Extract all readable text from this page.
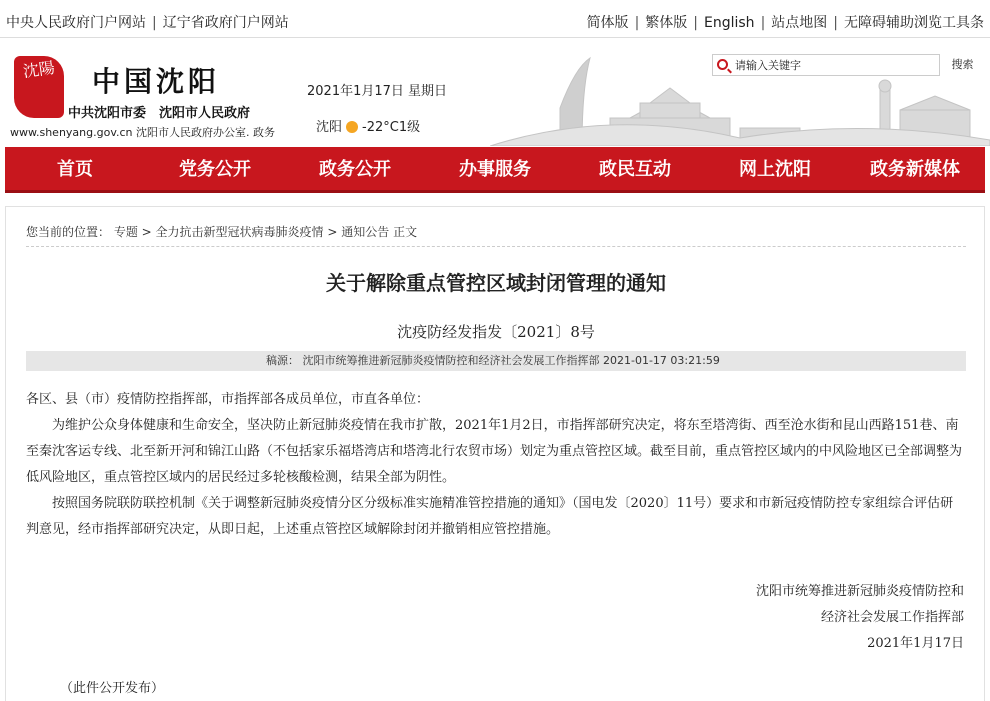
中央人民政府门户网站 | 辽宁省政府门户网站	简体版 | 繁体版 | English | 站点地图 | 无障碍辅助浏览工具条
沈陽	中国沈阳
中共沈阳市委　沈阳市人民政府
www.shenyang.gov.cn 沈阳市人民政府办公室. 政务
2021年1月17日 星期日
沈阳 -22°C1级
请输入关键字
搜索
首页	党务公开	政务公开	办事服务	政民互动	网上沈阳	政务新媒体
您当前的位置： 专题 > 全力抗击新型冠状病毒肺炎疫情 > 通知公告 正文
关于解除重点管控区域封闭管理的通知
沈疫防经发指发〔2021〕8号
稿源： 沈阳市统筹推进新冠肺炎疫情防控和经济社会发展工作指挥部 2021-01-17 03:21:59

各区、县（市）疫情防控指挥部，市指挥部各成员单位，市直各单位：

为维护公众身体健康和生命安全，坚决防止新冠肺炎疫情在我市扩散，2021年1月2日，市指挥部研究决定，将东至塔湾街、西至沧水街和昆山西路151巷、南至秦沈客运专线、北至新开河和锦江山路（不包括家乐福塔湾店和塔湾北行农贸市场）划定为重点管控区域。截至目前，重点管控区域内的中风险地区已全部调整为低风险地区，重点管控区域内的居民经过多轮核酸检测，结果全部为阴性。

按照国务院联防联控机制《关于调整新冠肺炎疫情分区分级标准实施精准管控措施的通知》（国电发〔2020〕11号）要求和市新冠疫情防控专家组综合评估研判意见，经市指挥部研究决定，从即日起，上述重点管控区域解除封闭并撤销相应管控措施。

沈阳市统筹推进新冠肺炎疫情防控和
经济社会发展工作指挥部
2021年1月17日
（此件公开发布）
